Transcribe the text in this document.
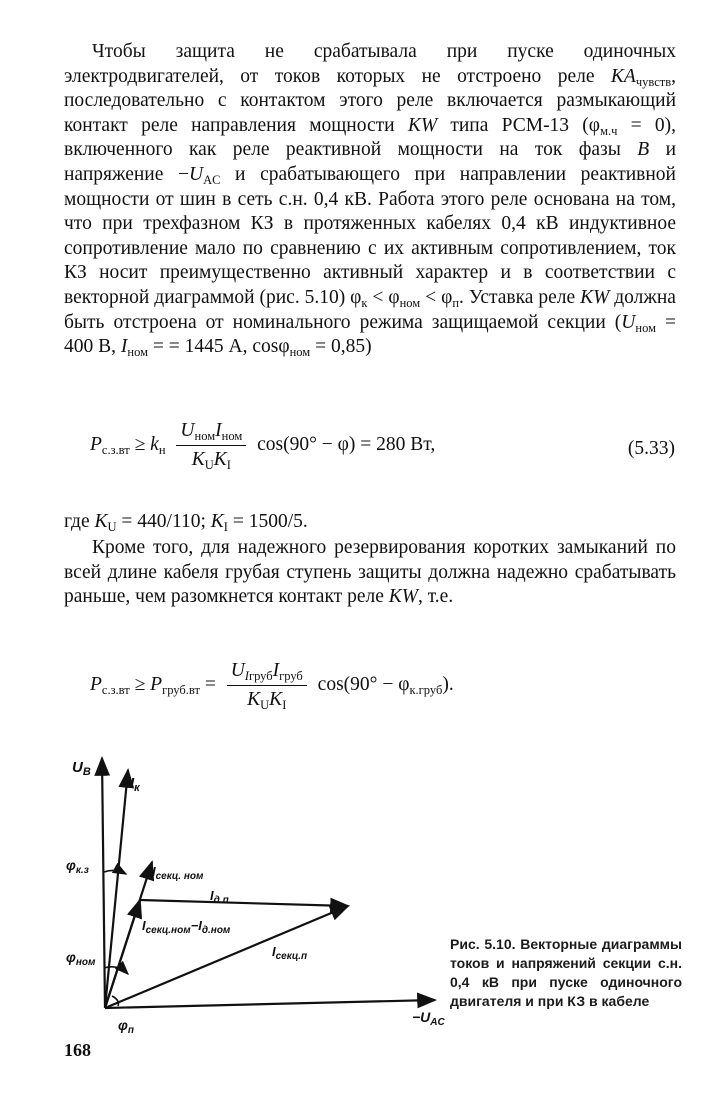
Чтобы защита не срабатывала при пуске одиночных электродвигателей, от токов которых не отстроено реле $KA_{чувств}$, последовательно с контактом этого реле включается размыкающий контакт реле направления мощности KW типа РСМ-13 $(\varphi_{м.ч} = 0)$, включенного как реле реактивной мощности на ток фазы B и напряжение $-U_{AC}$ и срабатывающего при направлении реактивной мощности от шин в сеть с.н. 0,4 кВ. Работа этого реле основана на том, что при трехфазном КЗ в протяженных кабелях 0,4 кВ индуктивное сопротивление мало по сравнению с их активным сопротивлением, ток КЗ носит преимущественно активный характер и в соответствии с векторной диаграммой (рис. 5.10) $\varphi_к < \varphi_{ном} < \varphi_п$. Уставка реле KW должна быть отстроена от номинального режима защищаемой секции ($U_{ном} = 400$ В, $I_{ном}$ = = 1445 А, cosφ$_{ном}$ = 0,85)

$P_{с.з.вт} \ge k_н \frac{U_{ном}I_{ном}}{K_UK_I} \cos(90^\circ - \varphi) = 280$ Вт,	(5.33)

где $K_U = 440/110$; $K_I = 1500/5$.

Кроме того, для надежного резервирования коротких замыканий по всей длине кабеля грубая ступень защиты должна надежно срабатывать раньше, чем разомкнется контакт реле KW, т.е.

$P_{с.з.вт} \ge P_{груб.вт} = \frac{U_{Iгруб}I_{груб}}{K_UK_I} \cos(90^\circ - \varphi_{к.груб})$.
$U_B$
$I_к$
$\varphi_{к.з}$	$I_{секц. ном}$
$I_{д.п}$
$I_{секц.ном}-I_{д.ном}$
$I_{секц.п}$
$\varphi_{ном}$
$\varphi_п$
$-U_{AC}$
Рис. 5.10. Векторные диаграммы токов и напряжений секции с.н. 0,4 кВ при пуске одиночного двигателя и при КЗ в кабеле
168
